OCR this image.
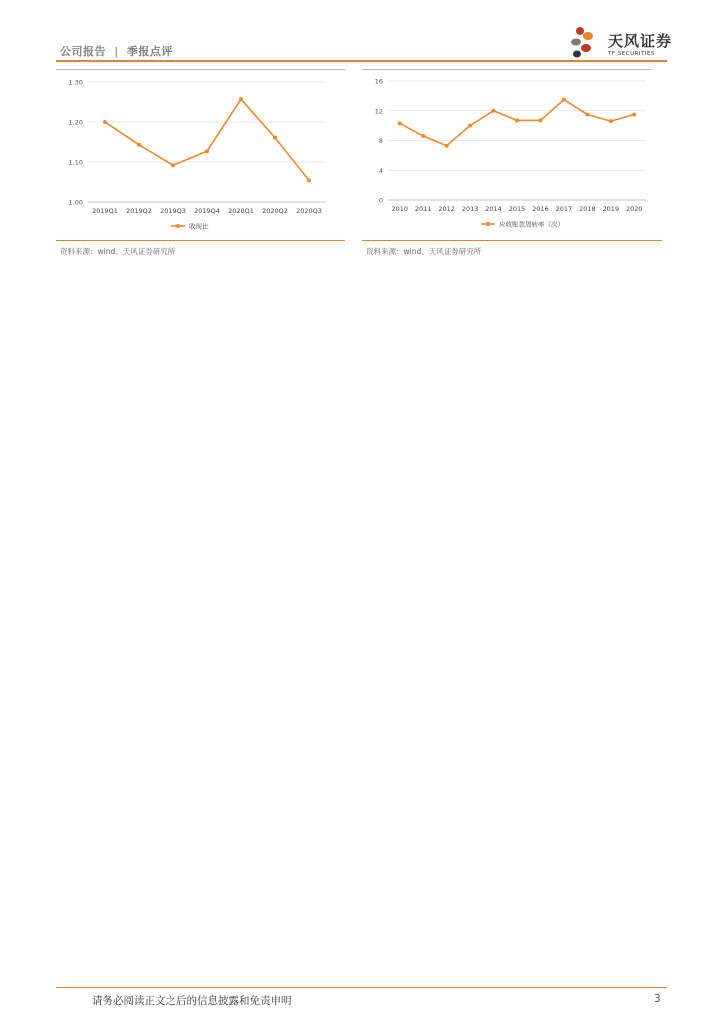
公司报告 | 季报点评
天风证券
TF SECURITIES
1.00
1.10
1.20
1.30
2019Q1 2019Q2 2019Q3 2019Q4 2020Q1 2020Q2 2020Q3
收现比
资料来源：wind、天风证券研究所
0
4
8
12
16
2010 2011 2012 2013 2014 2015 2016 2017 2018 2019 2020
应收账款周转率（次）
资料来源：wind、天风证券研究所
请务必阅读正文之后的信息披露和免责申明	3
